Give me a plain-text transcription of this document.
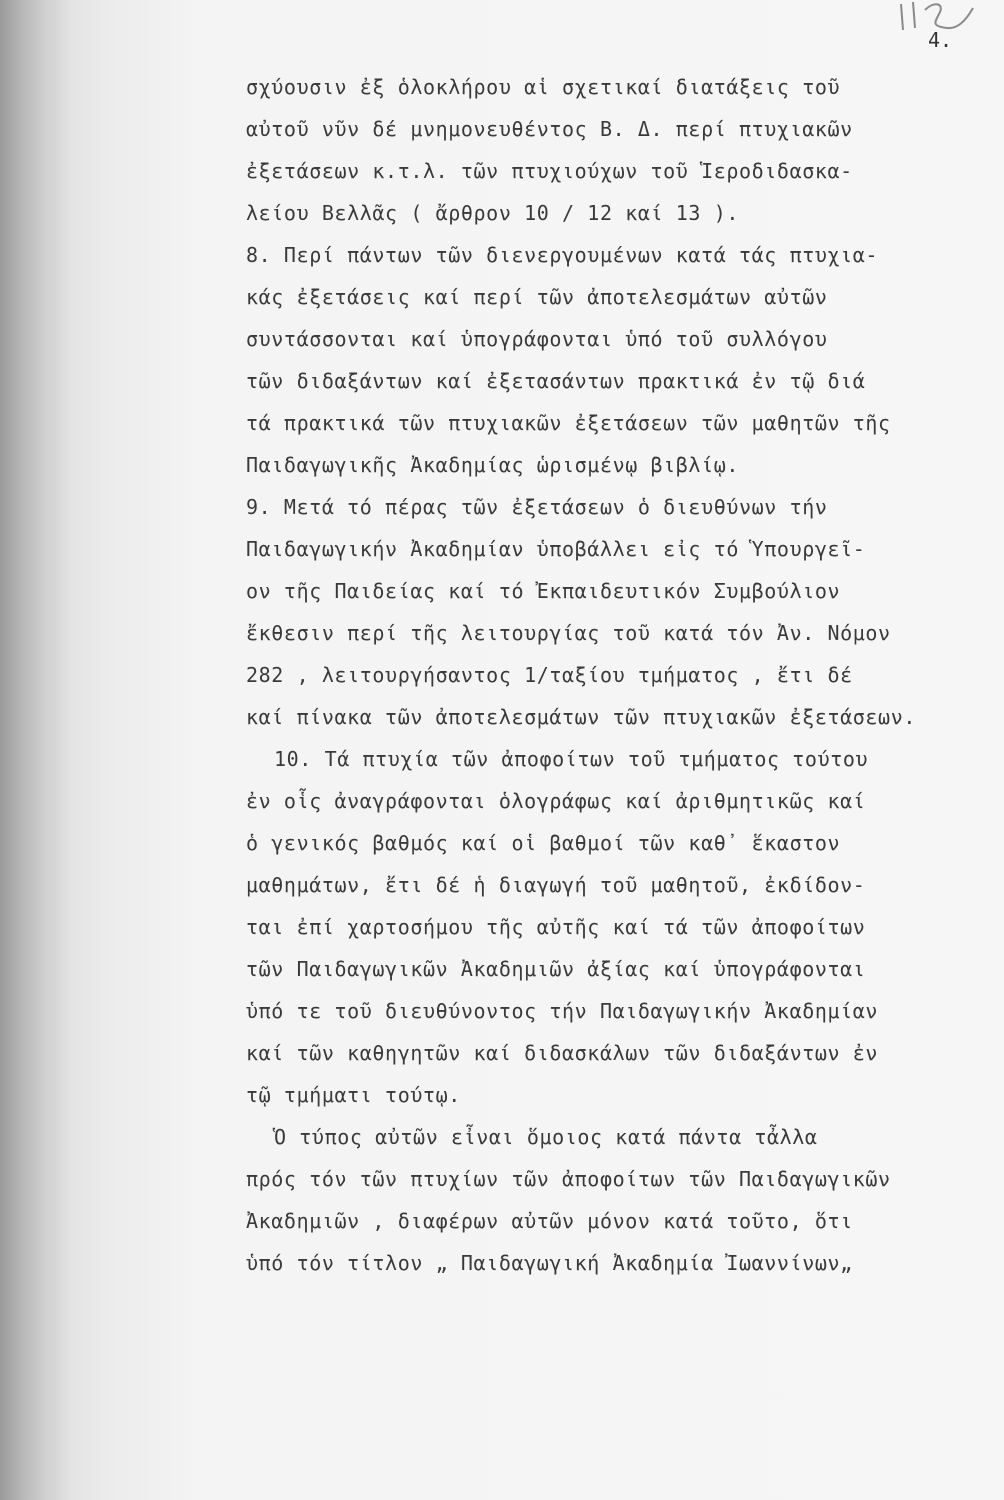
4.
σχύουσιν ἐξ ὁλοκλήρου αἱ σχετικαί διατάξεις τοῦ
αὐτοῦ νῦν δέ μνημονευθέντος Β. Δ. περί πτυχιακῶν
ἐξετάσεων κ.τ.λ. τῶν πτυχιούχων τοῦ Ἱεροδιδασκα-
λείου Βελλᾶς ( ἄρθρον 10 / 12 καί 13 ).
8. Περί πάντων τῶν διενεργουμένων κατά τάς πτυχια-
κάς ἐξετάσεις καί περί τῶν ἀποτελεσμάτων αὐτῶν
συντάσσονται καί ὑπογράφονται ὑπό τοῦ συλλόγου
τῶν διδαξάντων καί ἐξετασάντων πρακτικά ἐν τῷ διά
τά πρακτικά τῶν πτυχιακῶν ἐξετάσεων τῶν μαθητῶν τῆς
Παιδαγωγικῆς Ἀκαδημίας ὡρισμένῳ βιβλίῳ.
9. Μετά τό πέρας τῶν ἐξετάσεων ὁ διευθύνων τήν
Παιδαγωγικήν Ἀκαδημίαν ὑποβάλλει εἰς τό Ὑπουργεῖ-
ον τῆς Παιδείας καί τό Ἐκπαιδευτικόν Συμβούλιον
ἔκθεσιν περί τῆς λειτουργίας τοῦ κατά τόν Ἀν. Νόμον
282 , λειτουργήσαντος 1/ταξίου τμήματος , ἔτι δέ
καί πίνακα τῶν ἀποτελεσμάτων τῶν πτυχιακῶν ἐξετάσεων.
10. Τά πτυχία τῶν ἀποφοίτων τοῦ τμήματος τούτου
ἐν οἷς ἀναγράφονται ὁλογράφως καί ἀριθμητικῶς καί
ὁ γενικός βαθμός καί οἱ βαθμοί τῶν καθ᾽ ἕκαστον
μαθημάτων, ἔτι δέ ἡ διαγωγή τοῦ μαθητοῦ, ἐκδίδον-
ται ἐπί χαρτοσήμου τῆς αὐτῆς καί τά τῶν ἀποφοίτων
τῶν Παιδαγωγικῶν Ἀκαδημιῶν ἀξίας καί ὑπογράφονται
ὑπό τε τοῦ διευθύνοντος τήν Παιδαγωγικήν Ἀκαδημίαν
καί τῶν καθηγητῶν καί διδασκάλων τῶν διδαξάντων ἐν
τῷ τμήματι τούτῳ.
Ὁ τύπος αὐτῶν εἶναι ὅμοιος κατά πάντα τἆλλα
πρός τόν τῶν πτυχίων τῶν ἀποφοίτων τῶν Παιδαγωγικῶν
Ἀκαδημιῶν , διαφέρων αὐτῶν μόνον κατά τοῦτο, ὅτι
ὑπό τόν τίτλον „ Παιδαγωγική Ἀκαδημία Ἰωαννίνων„
